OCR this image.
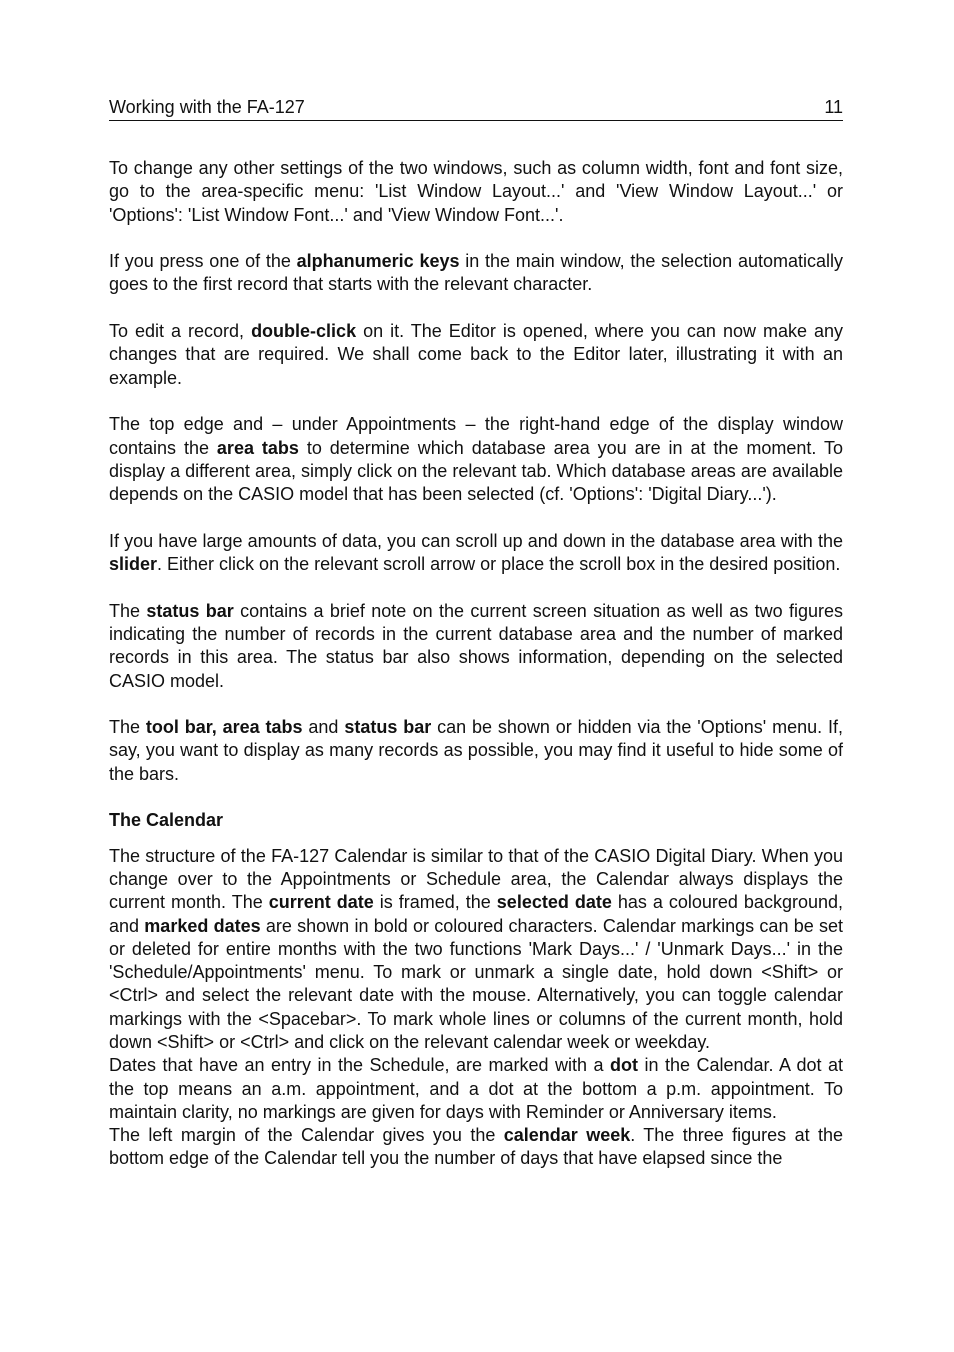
Working with the FA-127	11

To change any other settings of the two windows, such as column width, font and font size, go to the area-specific menu: 'List Window Layout...' and 'View Window Layout...' or 'Options': 'List Window Font...' and 'View Window Font...'.

If you press one of the alphanumeric keys in the main window, the selection automatically goes to the first record that starts with the relevant character.

To edit a record, double-click on it. The Editor is opened, where you can now make any changes that are required. We shall come back to the Editor later, illustrating it with an example.

The top edge and – under Appointments – the right-hand edge of the display window contains the area tabs to determine which database area you are in at the moment. To display a different area, simply click on the relevant tab. Which database areas are available depends on the CASIO model that has been selected (cf. 'Options': 'Digital Diary...').

If you have large amounts of data, you can scroll up and down in the database area with the slider. Either click on the relevant scroll arrow or place the scroll box in the desired position.

The status bar contains a brief note on the current screen situation as well as two figures indicating the number of records in the current database area and the number of marked records in this area. The status bar also shows information, depending on the selected CASIO model.

The tool bar, area tabs and status bar can be shown or hidden via the 'Options' menu. If, say, you want to display as many records as possible, you may find it useful to hide some of the bars.

The Calendar

The structure of the FA-127 Calendar is similar to that of the CASIO Digital Diary. When you change over to the Appointments or Schedule area, the Calendar always displays the current month. The current date is framed, the selected date has a coloured background, and marked dates are shown in bold or coloured characters. Calendar markings can be set or deleted for entire months with the two functions 'Mark Days...' / 'Unmark Days...' in the 'Schedule/Appointments' menu. To mark or unmark a single date, hold down <Shift> or <Ctrl> and select the relevant date with the mouse. Alternatively, you can toggle calendar markings with the <Spacebar>. To mark whole lines or columns of the current month, hold down <Shift> or <Ctrl> and click on the relevant calendar week or weekday.

Dates that have an entry in the Schedule, are marked with a dot in the Calendar. A dot at the top means an a.m. appointment, and a dot at the bottom a p.m. appointment. To maintain clarity, no markings are given for days with Reminder or Anniversary items.

The left margin of the Calendar gives you the calendar week. The three figures at the bottom edge of the Calendar tell you the number of days that have elapsed since the
